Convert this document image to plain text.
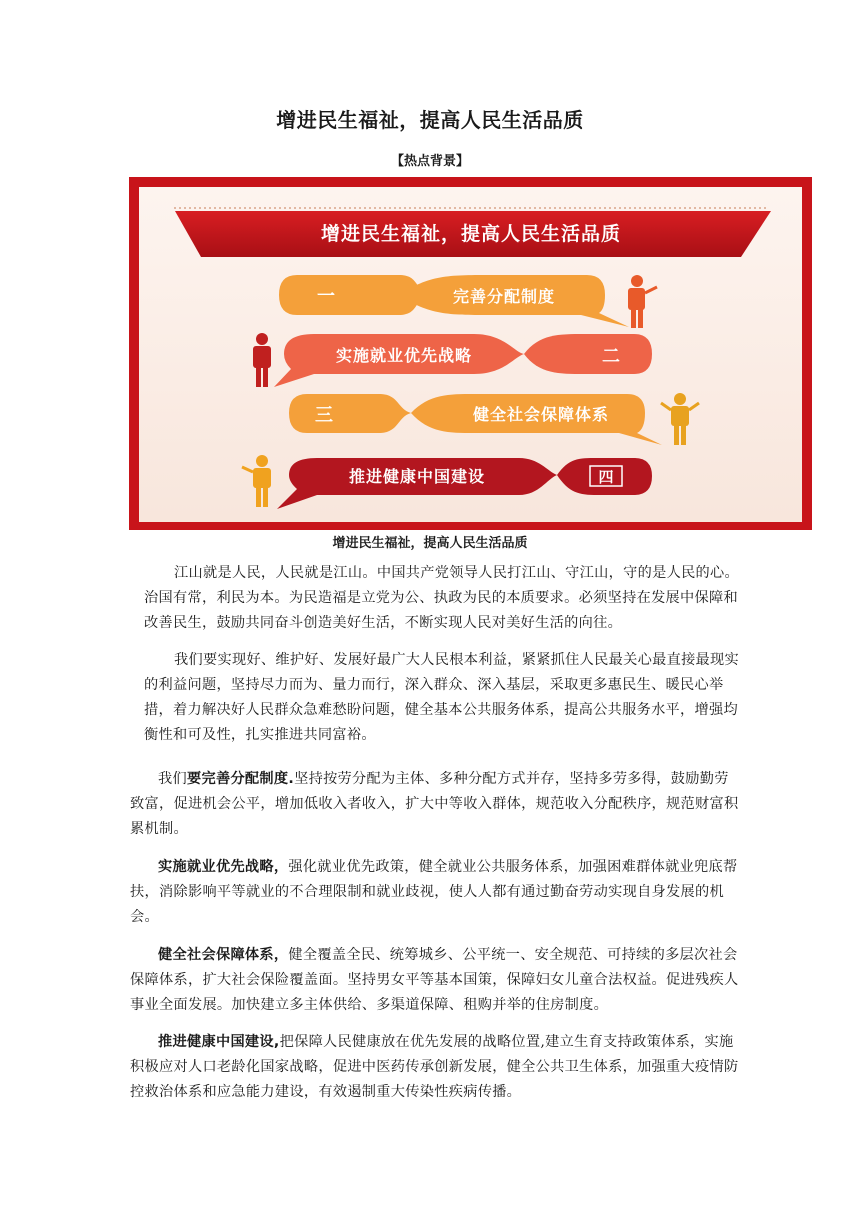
增进民生福祉，提高人民生活品质
【热点背景】
增进民生福祉，提高人民生活品质
一	完善分配制度
实施就业优先战略	二
三	健全社会保障体系
推进健康中国建设	四
增进民生福祉，提高人民生活品质

江山就是人民，人民就是江山。中国共产党领导人民打江山、守江山，守的是人民的心。治国有常，利民为本。为民造福是立党为公、执政为民的本质要求。必须坚持在发展中保障和改善民生，鼓励共同奋斗创造美好生活，不断实现人民对美好生活的向往。

我们要实现好、维护好、发展好最广大人民根本利益，紧紧抓住人民最关心最直接最现实的利益问题，坚持尽力而为、量力而行，深入群众、深入基层，采取更多惠民生、暖民心举措，着力解决好人民群众急难愁盼问题，健全基本公共服务体系，提高公共服务水平，增强均衡性和可及性，扎实推进共同富裕。

我们要完善分配制度.坚持按劳分配为主体、多种分配方式并存，坚持多劳多得，鼓励勤劳致富，促进机会公平，增加低收入者收入，扩大中等收入群体，规范收入分配秩序，规范财富积累机制。

实施就业优先战略，强化就业优先政策，健全就业公共服务体系，加强困难群体就业兜底帮扶，消除影响平等就业的不合理限制和就业歧视，使人人都有通过勤奋劳动实现自身发展的机会。

健全社会保障体系，健全覆盖全民、统筹城乡、公平统一、安全规范、可持续的多层次社会保障体系，扩大社会保险覆盖面。坚持男女平等基本国策，保障妇女儿童合法权益。促进残疾人事业全面发展。加快建立多主体供给、多渠道保障、租购并举的住房制度。

推进健康中国建设,把保障人民健康放在优先发展的战略位置,建立生育支持政策体系，实施积极应对人口老龄化国家战略，促进中医药传承创新发展，健全公共卫生体系，加强重大疫情防控救治体系和应急能力建设，有效遏制重大传染性疾病传播。
